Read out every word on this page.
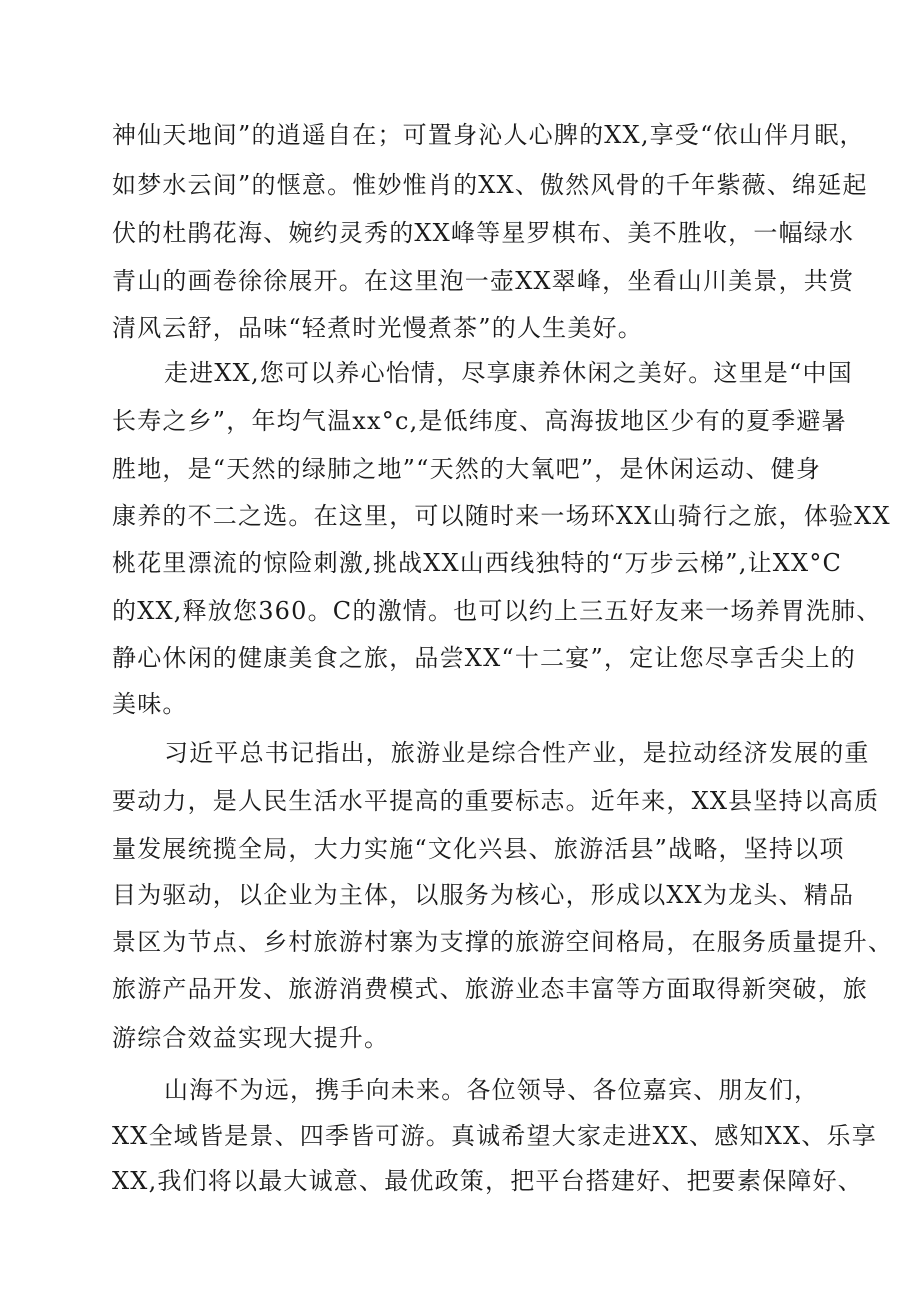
神仙天地间”的逍遥自在；可置身沁人心脾的XX,享受“依山伴月眠，
如梦水云间”的惬意。惟妙惟肖的XX、傲然风骨的千年紫薇、绵延起
伏的杜鹃花海、婉约灵秀的XX峰等星罗棋布、美不胜收，一幅绿水
青山的画卷徐徐展开。在这里泡一壶XX翠峰，坐看山川美景，共赏
清风云舒，品味“轻煮时光慢煮茶”的人生美好。
走进XX,您可以养心怡情，尽享康养休闲之美好。这里是“中国
长寿之乡”，年均气温xx°c,是低纬度、高海拔地区少有的夏季避暑
胜地，是“天然的绿肺之地”“天然的大氧吧”，是休闲运动、健身
康养的不二之选。在这里，可以随时来一场环XX山骑行之旅，体验XX
桃花里漂流的惊险刺激,挑战XX山西线独特的“万步云梯”,让XX°C
的XX,释放您360。C的激情。也可以约上三五好友来一场养胃洗肺、
静心休闲的健康美食之旅，品尝XX“十二宴”，定让您尽享舌尖上的
美味。
习近平总书记指出，旅游业是综合性产业，是拉动经济发展的重
要动力，是人民生活水平提高的重要标志。近年来，XX县坚持以高质
量发展统揽全局，大力实施“文化兴县、旅游活县”战略，坚持以项
目为驱动，以企业为主体，以服务为核心，形成以XX为龙头、精品
景区为节点、乡村旅游村寨为支撑的旅游空间格局，在服务质量提升、
旅游产品开发、旅游消费模式、旅游业态丰富等方面取得新突破，旅
游综合效益实现大提升。
山海不为远，携手向未来。各位领导、各位嘉宾、朋友们，
XX全域皆是景、四季皆可游。真诚希望大家走进XX、感知XX、乐享
XX,我们将以最大诚意、最优政策，把平台搭建好、把要素保障好、
